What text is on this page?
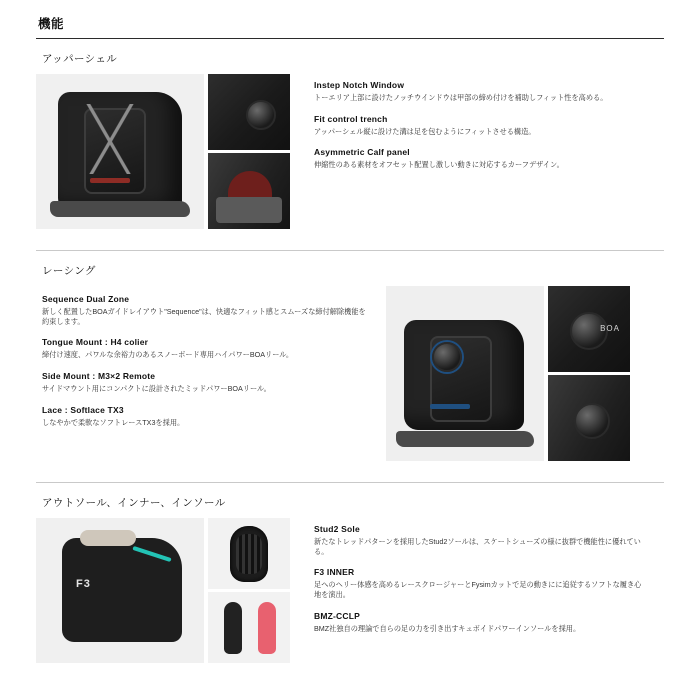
機能
アッパーシェル

Instep Notch Window

トーエリア上部に設けたノッチウインドウは甲部の締め付けを補助しフィット性を高める。

Fit control trench

アッパーシェル縦に設けた溝は足を包むようにフィットさせる構造。

Asymmetric Calf panel

伸縮性のある素材をオフセット配置し激しい動きに対応するカーフデザイン。

レーシング

Sequence Dual Zone

新しく配置したBOAガイドレイアウト"Sequence"は、快適なフィット感とスムーズな締付解除機能を約束します。

Tongue Mount : H4 colier

締付け速度、パワルな余裕力のあるスノーボード専用ハイパワーBOAリール。

Side Mount : M3×2 Remote

サイドマウント用にコンパクトに設計されたミッドパワーBOAリール。

Lace : Softlace TX3

しなやかで柔軟なソフトレースTX3を採用。

BOA
アウトソール、インナー、インソール
F3

Stud2 Sole

新たなトレッドパターンを採用したStud2ソールは、スケートシューズの様に抜群で機能性に優れている。

F3 INNER

足へのヘリー体感を高めるレースクロージャーとFysimカットで足の動きにに追従するソフトな履き心地を演出。

BMZ-CCLP

BMZ社独自の理論で自らの足の力を引き出すキュボイドパワーインソールを採用。
